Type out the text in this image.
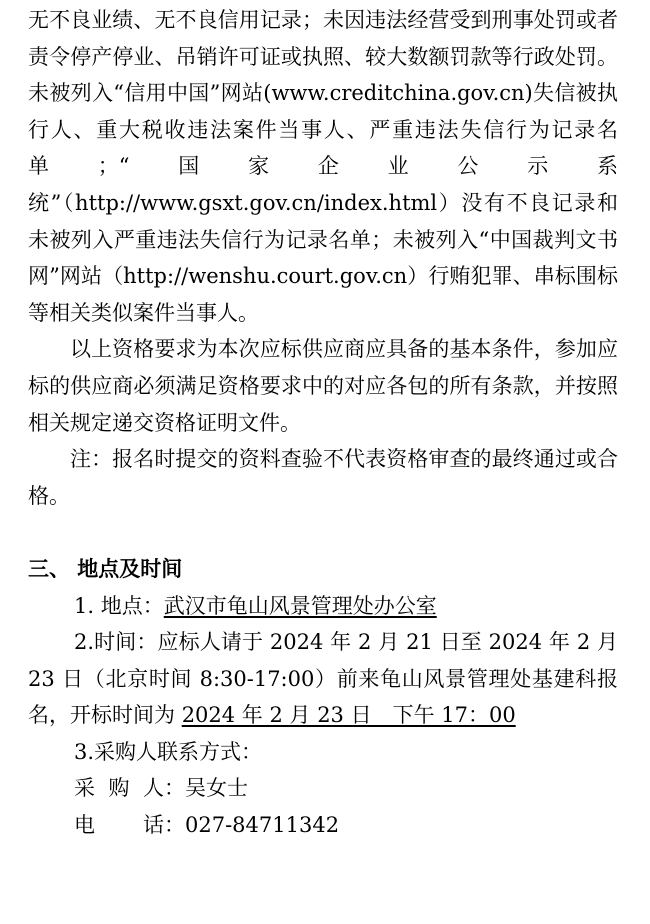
无不良业绩、无不良信用记录；未因违法经营受到刑事处罚或者责令停产停业、吊销许可证或执照、较大数额罚款等行政处罚。未被列入“信用中国”网站(www.creditchina.gov.cn)失信被执行人、重大税收违法案件当事人、严重违法失信行为记录名单；“国家企业公示系统”（http://www.gsxt.gov.cn/index.html）没有不良记录和未被列入严重违法失信行为记录名单；未被列入“中国裁判文书网”网站（http://wenshu.court.gov.cn）行贿犯罪、串标围标等相关类似案件当事人。

以上资格要求为本次应标供应商应具备的基本条件，参加应标的供应商必须满足资格要求中的对应各包的所有条款，并按照相关规定递交资格证明文件。

注：报名时提交的资料查验不代表资格审查的最终通过或合格。

三、 地点及时间

1. 地点：武汉市龟山风景管理处办公室

2.时间：应标人请于 2024 年 2 月 21 日至 2024 年 2 月 23 日（北京时间 8:30-17:00）前来龟山风景管理处基建科报名，开标时间为 2024 年 2 月 23 日　下午 17：00

3.采购人联系方式：

采 购 人 ：吴女士

电 话 ：027-84711342
